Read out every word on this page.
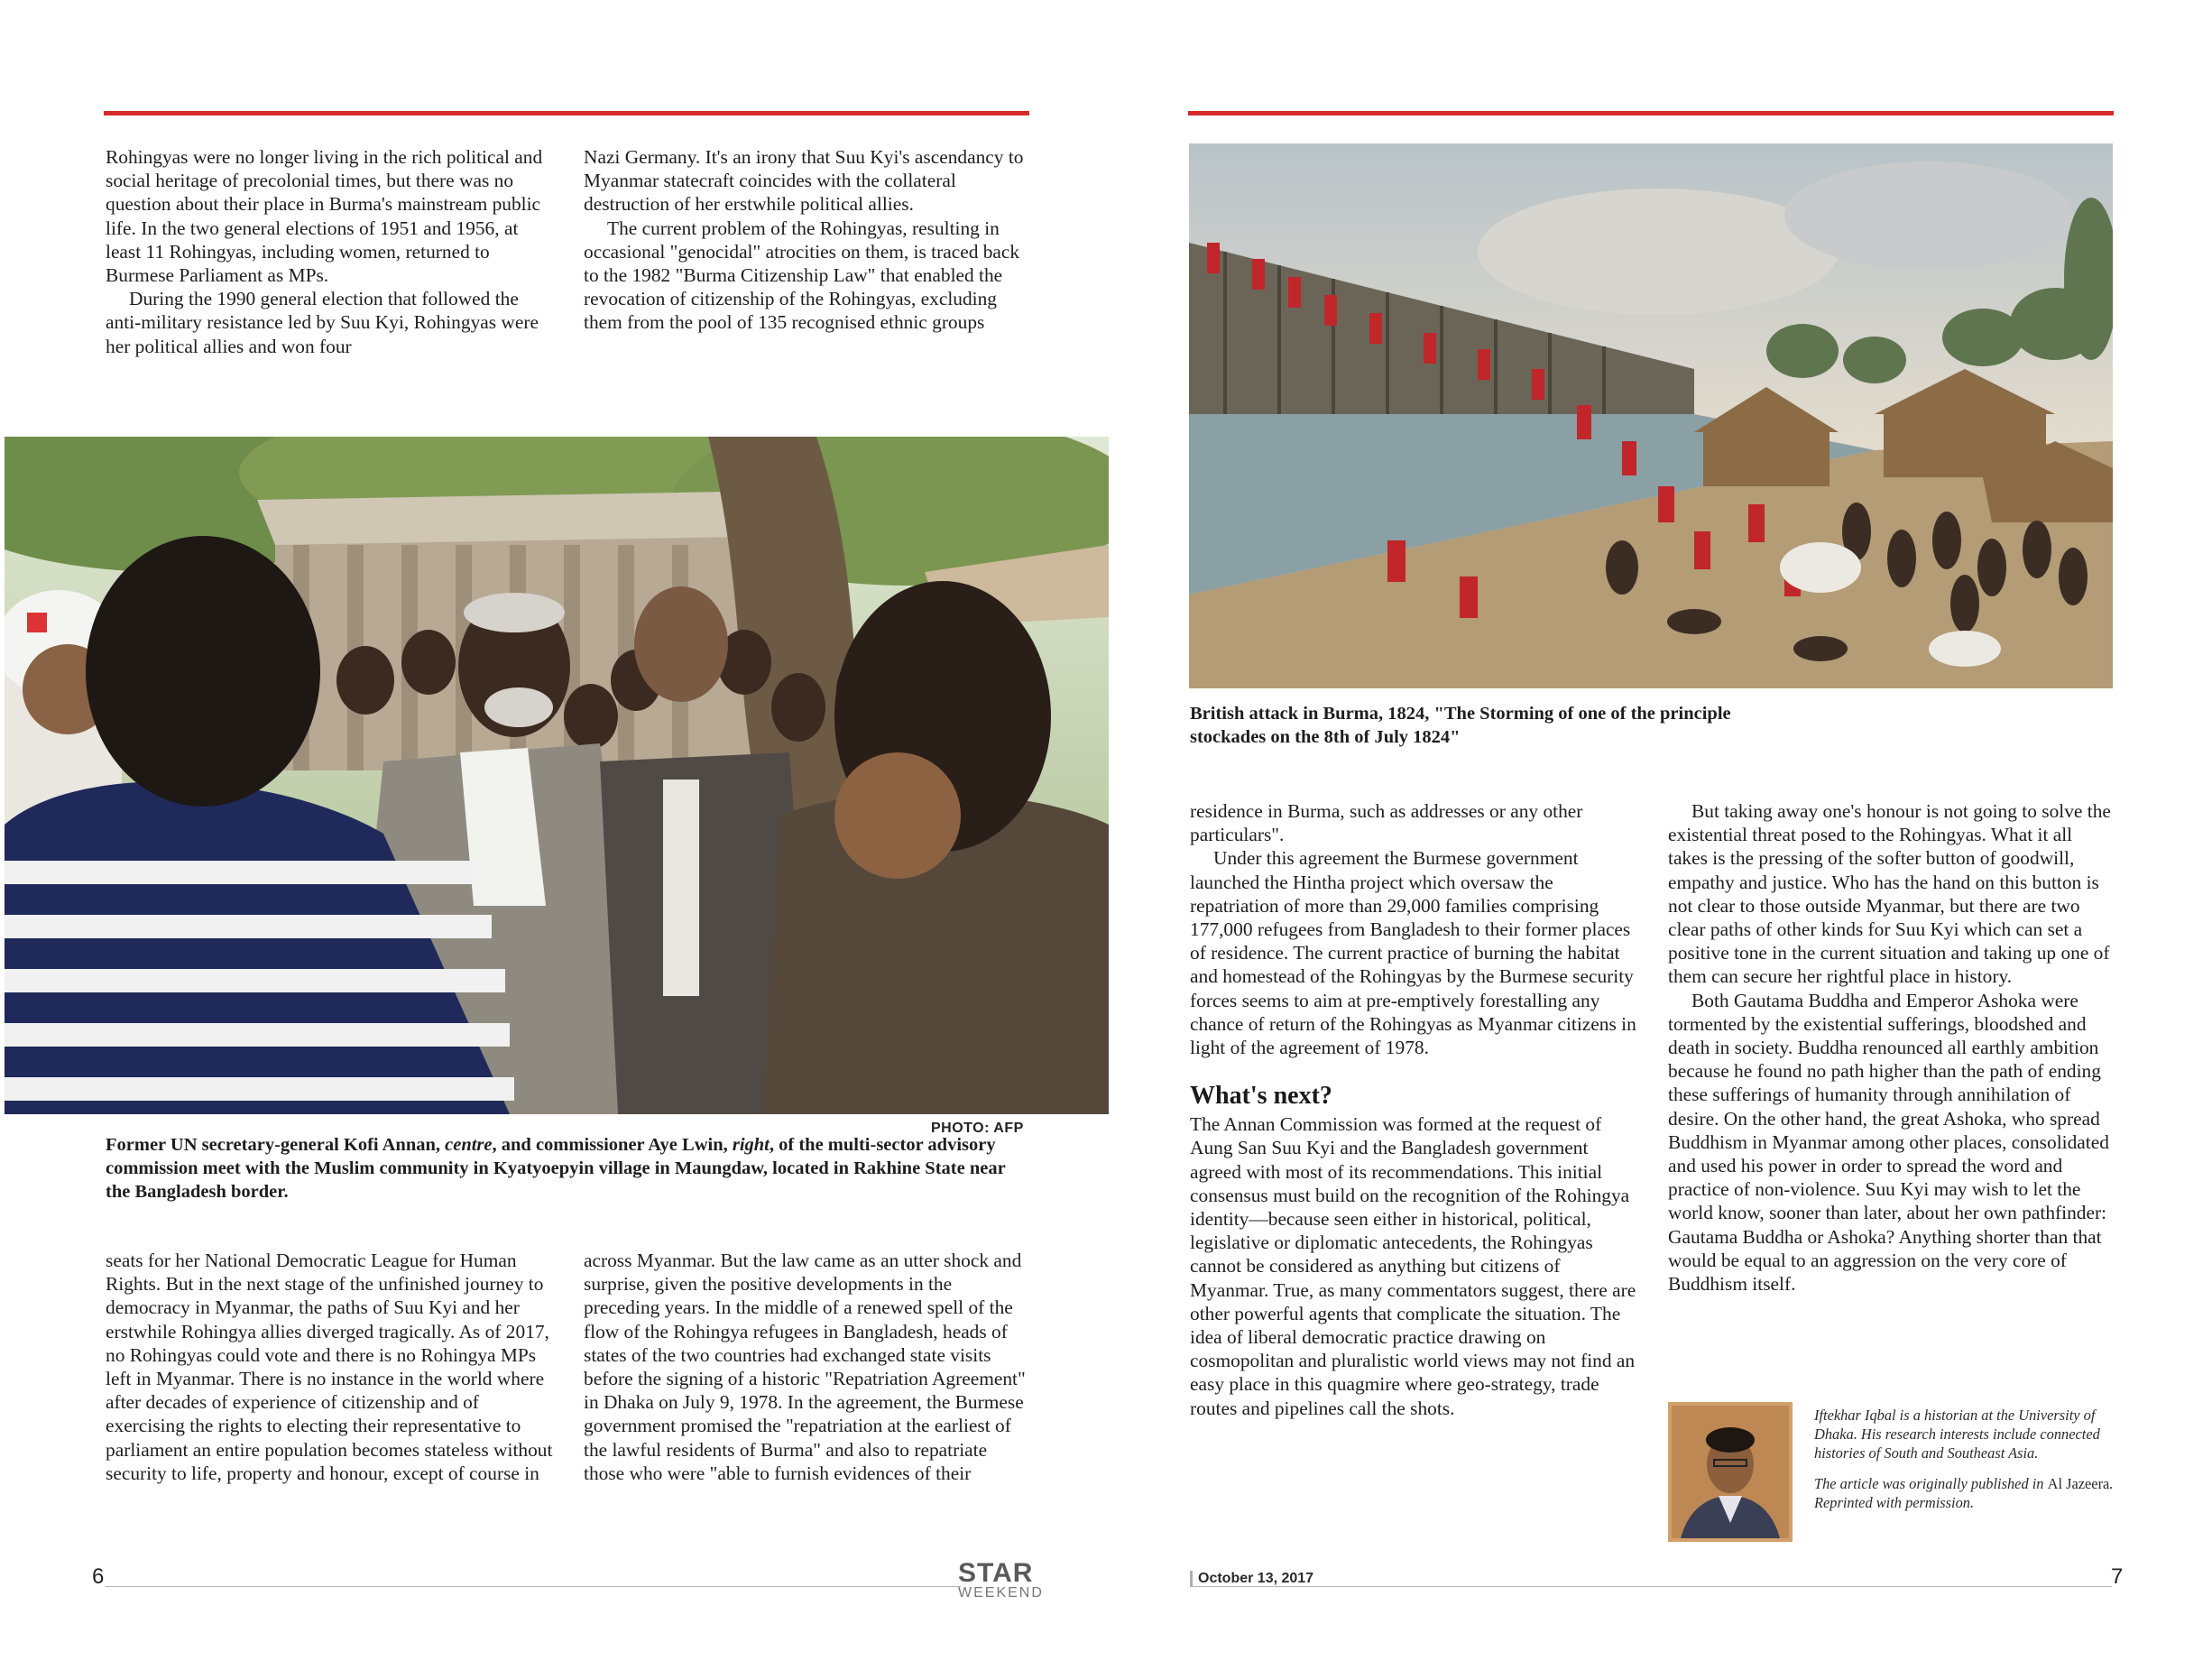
Rohingyas were no longer living in the rich political and social heritage of precolonial times, but there was no question about their place in Burma's mainstream public life. In the two general elections of 1951 and 1956, at least 11 Rohingyas, including women, returned to Burmese Parliament as MPs.

During the 1990 general election that followed the anti-military resistance led by Suu Kyi, Rohingyas were her political allies and won four

Nazi Germany. It's an irony that Suu Kyi's ascendancy to Myanmar statecraft coincides with the collateral destruction of her erstwhile political allies.

The current problem of the Rohingyas, resulting in occasional "genocidal" atrocities on them, is traced back to the 1982 "Burma Citizenship Law" that enabled the revocation of citizenship of the Rohingyas, excluding them from the pool of 135 recognised ethnic groups

PHOTO: AFP
Former UN secretary-general Kofi Annan, centre, and commissioner Aye Lwin, right, of the multi-sector advisory commission meet with the Muslim community in Kyatyoepyin village in Maungdaw, located in Rakhine State near the Bangladesh border.

seats for her National Democratic League for Human Rights. But in the next stage of the unfinished journey to democracy in Myanmar, the paths of Suu Kyi and her erstwhile Rohingya allies diverged tragically. As of 2017, no Rohingyas could vote and there is no Rohingya MPs left in Myanmar. There is no instance in the world where after decades of experience of citizenship and of exercising the rights to electing their representative to parliament an entire population becomes stateless without security to life, property and honour, except of course in

across Myanmar. But the law came as an utter shock and surprise, given the positive developments in the preceding years. In the middle of a renewed spell of the flow of the Rohingya refugees in Bangladesh, heads of states of the two countries had exchanged state visits before the signing of a historic "Repatriation Agreement" in Dhaka on July 9, 1978. In the agreement, the Burmese government promised the "repatriation at the earliest of the lawful residents of Burma" and also to repatriate those who were "able to furnish evidences of their

6	STAR
WEEKEND
British attack in Burma, 1824, "The Storming of one of the principle stockades on the 8th of July 1824"

residence in Burma, such as addresses or any other particulars".

Under this agreement the Burmese government launched the Hintha project which oversaw the repatriation of more than 29,000 families comprising 177,000 refugees from Bangladesh to their former places of residence. The current practice of burning the habitat and homestead of the Rohingyas by the Burmese security forces seems to aim at pre-emptively forestalling any chance of return of the Rohingyas as Myanmar citizens in light of the agreement of 1978.

What's next?

The Annan Commission was formed at the request of Aung San Suu Kyi and the Bangladesh government agreed with most of its recommendations. This initial consensus must build on the recognition of the Rohingya identity—because seen either in historical, political, legislative or diplomatic antecedents, the Rohingyas cannot be considered as anything but citizens of Myanmar. True, as many commentators suggest, there are other powerful agents that complicate the situation. The idea of liberal democratic practice drawing on cosmopolitan and pluralistic world views may not find an easy place in this quagmire where geo-strategy, trade routes and pipelines call the shots.

But taking away one's honour is not going to solve the existential threat posed to the Rohingyas. What it all takes is the pressing of the softer button of goodwill, empathy and justice. Who has the hand on this button is not clear to those outside Myanmar, but there are two clear paths of other kinds for Suu Kyi which can set a positive tone in the current situation and taking up one of them can secure her rightful place in history.

Both Gautama Buddha and Emperor Ashoka were tormented by the existential sufferings, bloodshed and death in society. Buddha renounced all earthly ambition because he found no path higher than the path of ending these sufferings of humanity through annihilation of desire. On the other hand, the great Ashoka, who spread Buddhism in Myanmar among other places, consolidated and used his power in order to spread the word and practice of non-violence. Suu Kyi may wish to let the world know, sooner than later, about her own pathfinder: Gautama Buddha or Ashoka? Anything shorter than that would be equal to an aggression on the very core of Buddhism itself.

Iftekhar Iqbal is a historian at the University of Dhaka. His research interests include connected histories of South and Southeast Asia.

The article was originally published in Al Jazeera. Reprinted with permission.

October 13, 2017	7
